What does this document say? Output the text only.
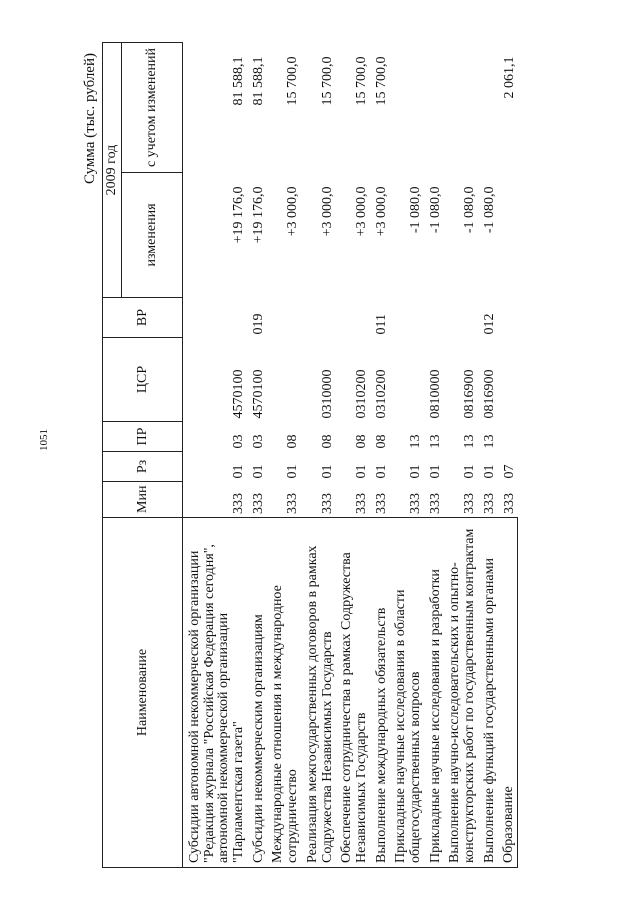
1051
Сумма (тыс. рублей)
Наименование	Мин	Рз	ПР	ЦСР	ВР	2009 год	
						изменения	с учетом изменений
Субсидии автономной некоммерческой организации "Редакция журнала "Российская Федерация сегодня", автономной некоммерческой организации "Парламентская газета"	333	01	03	4570100		+19 176,0	81 588,1
Субсидии некоммерческим организациям	333	01	03	4570100	019	+19 176,0	81 588,1
Международные отношения и международное сотрудничество	333	01	08			+3 000,0	15 700,0
Реализация межгосударственных договоров в рамках Содружества Независимых Государств	333	01	08	0310000		+3 000,0	15 700,0
Обеспечение сотрудничества в рамках Содружества Независимых Государств	333	01	08	0310200		+3 000,0	15 700,0
Выполнение международных обязательств	333	01	08	0310200	011	+3 000,0	15 700,0
Прикладные научные исследования в области общегосударственных вопросов	333	01	13			-1 080,0	
Прикладные научные исследования и разработки	333	01	13	0810000		-1 080,0	
Выполнение научно-исследовательских и опытно-конструкторских работ по государственным контрактам	333	01	13	0816900		-1 080,0	
Выполнение функций государственными органами	333	01	13	0816900	012	-1 080,0	
Образование	333	07					2 061,1
